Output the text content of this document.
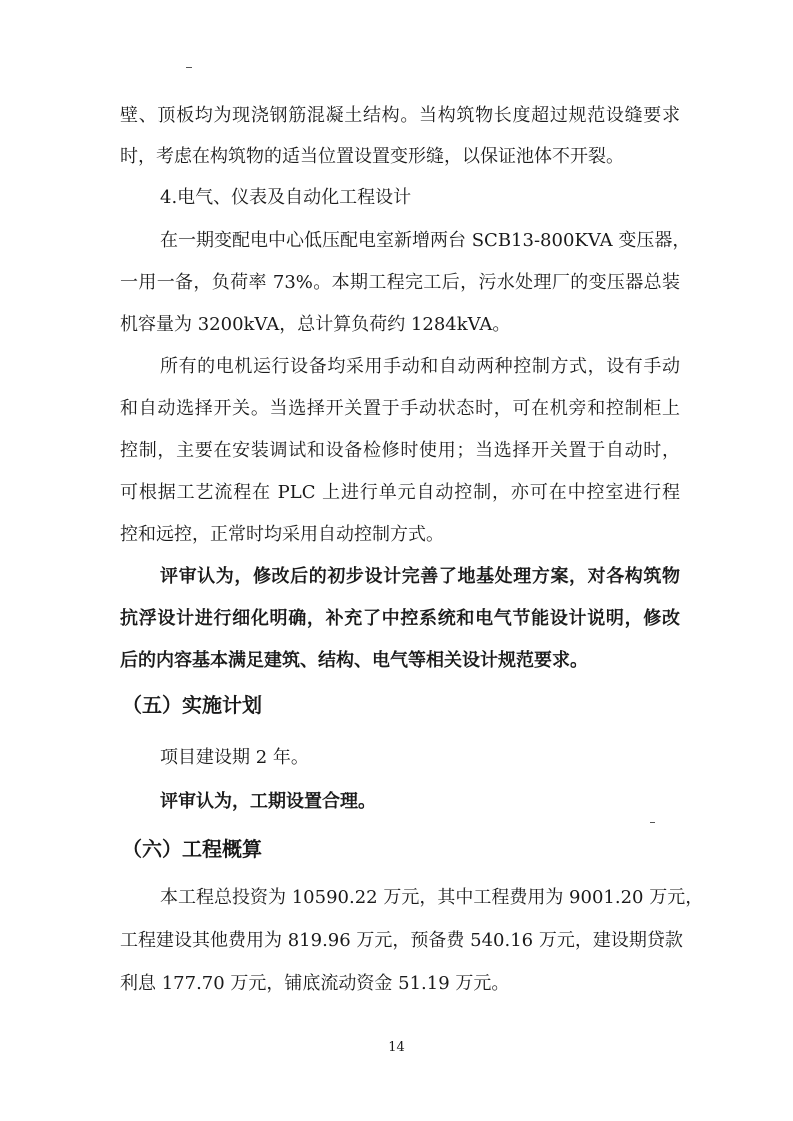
壁、顶板均为现浇钢筋混凝土结构。当构筑物长度超过规范设缝要求
时，考虑在构筑物的适当位置设置变形缝，以保证池体不开裂。
4.电气、仪表及自动化工程设计
在一期变配电中心低压配电室新增两台 SCB13-800KVA 变压器，
一用一备，负荷率 73%。本期工程完工后，污水处理厂的变压器总装
机容量为 3200kVA，总计算负荷约 1284kVA。
所有的电机运行设备均采用手动和自动两种控制方式，设有手动
和自动选择开关。当选择开关置于手动状态时，可在机旁和控制柜上
控制，主要在安装调试和设备检修时使用；当选择开关置于自动时，
可根据工艺流程在 PLC 上进行单元自动控制，亦可在中控室进行程
控和远控，正常时均采用自动控制方式。
评审认为，修改后的初步设计完善了地基处理方案，对各构筑物
抗浮设计进行细化明确，补充了中控系统和电气节能设计说明，修改
后的内容基本满足建筑、结构、电气等相关设计规范要求。
（五）实施计划
项目建设期 2 年。
评审认为，工期设置合理。
（六）工程概算
本工程总投资为 10590.22 万元，其中工程费用为 9001.20 万元，
工程建设其他费用为 819.96 万元，预备费 540.16 万元，建设期贷款
利息 177.70 万元，铺底流动资金 51.19 万元。
14
